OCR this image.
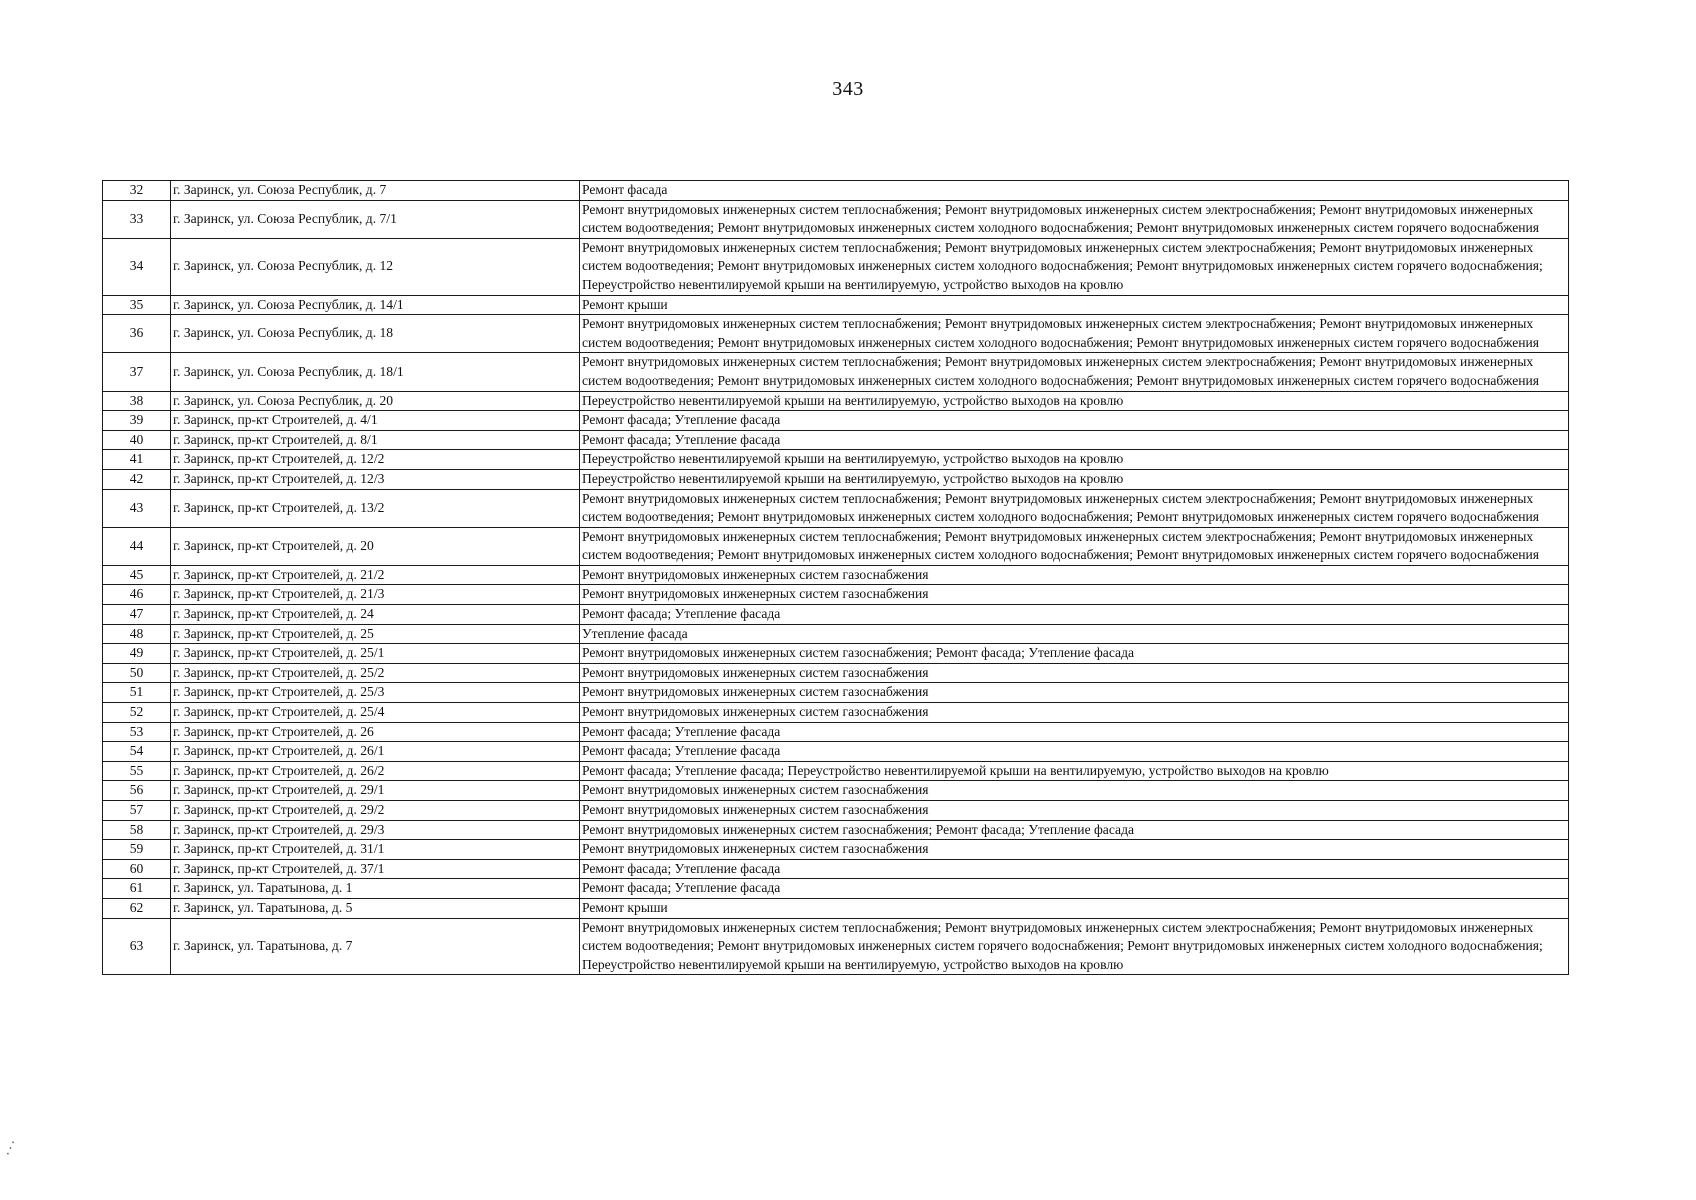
343
32	г. Заринск, ул. Союза Республик, д. 7	Ремонт фасада
33	г. Заринск, ул. Союза Республик, д. 7/1	Ремонт внутридомовых инженерных систем теплоснабжения; Ремонт внутридомовых инженерных систем электроснабжения; Ремонт внутридомовых инженерных систем водоотведения; Ремонт внутридомовых инженерных систем холодного водоснабжения; Ремонт внутридомовых инженерных систем горячего водоснабжения
34	г. Заринск, ул. Союза Республик, д. 12	Ремонт внутридомовых инженерных систем теплоснабжения; Ремонт внутридомовых инженерных систем электроснабжения; Ремонт внутридомовых инженерных систем водоотведения; Ремонт внутридомовых инженерных систем холодного водоснабжения; Ремонт внутридомовых инженерных систем горячего водоснабжения; Переустройство невентилируемой крыши на вентилируемую, устройство выходов на кровлю
35	г. Заринск, ул. Союза Республик, д. 14/1	Ремонт крыши
36	г. Заринск, ул. Союза Республик, д. 18	Ремонт внутридомовых инженерных систем теплоснабжения; Ремонт внутридомовых инженерных систем электроснабжения; Ремонт внутридомовых инженерных систем водоотведения; Ремонт внутридомовых инженерных систем холодного водоснабжения; Ремонт внутридомовых инженерных систем горячего водоснабжения
37	г. Заринск, ул. Союза Республик, д. 18/1	Ремонт внутридомовых инженерных систем теплоснабжения; Ремонт внутридомовых инженерных систем электроснабжения; Ремонт внутридомовых инженерных систем водоотведения; Ремонт внутридомовых инженерных систем холодного водоснабжения; Ремонт внутридомовых инженерных систем горячего водоснабжения
38	г. Заринск, ул. Союза Республик, д. 20	Переустройство невентилируемой крыши на вентилируемую, устройство выходов на кровлю
39	г. Заринск, пр-кт Строителей, д. 4/1	Ремонт фасада; Утепление фасада
40	г. Заринск, пр-кт Строителей, д. 8/1	Ремонт фасада; Утепление фасада
41	г. Заринск, пр-кт Строителей, д. 12/2	Переустройство невентилируемой крыши на вентилируемую, устройство выходов на кровлю
42	г. Заринск, пр-кт Строителей, д. 12/3	Переустройство невентилируемой крыши на вентилируемую, устройство выходов на кровлю
43	г. Заринск, пр-кт Строителей, д. 13/2	Ремонт внутридомовых инженерных систем теплоснабжения; Ремонт внутридомовых инженерных систем электроснабжения; Ремонт внутридомовых инженерных систем водоотведения; Ремонт внутридомовых инженерных систем холодного водоснабжения; Ремонт внутридомовых инженерных систем горячего водоснабжения
44	г. Заринск, пр-кт Строителей, д. 20	Ремонт внутридомовых инженерных систем теплоснабжения; Ремонт внутридомовых инженерных систем электроснабжения; Ремонт внутридомовых инженерных систем водоотведения; Ремонт внутридомовых инженерных систем холодного водоснабжения; Ремонт внутридомовых инженерных систем горячего водоснабжения
45	г. Заринск, пр-кт Строителей, д. 21/2	Ремонт внутридомовых инженерных систем газоснабжения
46	г. Заринск, пр-кт Строителей, д. 21/3	Ремонт внутридомовых инженерных систем газоснабжения
47	г. Заринск, пр-кт Строителей, д. 24	Ремонт фасада; Утепление фасада
48	г. Заринск, пр-кт Строителей, д. 25	Утепление фасада
49	г. Заринск, пр-кт Строителей, д. 25/1	Ремонт внутридомовых инженерных систем газоснабжения; Ремонт фасада; Утепление фасада
50	г. Заринск, пр-кт Строителей, д. 25/2	Ремонт внутридомовых инженерных систем газоснабжения
51	г. Заринск, пр-кт Строителей, д. 25/3	Ремонт внутридомовых инженерных систем газоснабжения
52	г. Заринск, пр-кт Строителей, д. 25/4	Ремонт внутридомовых инженерных систем газоснабжения
53	г. Заринск, пр-кт Строителей, д. 26	Ремонт фасада; Утепление фасада
54	г. Заринск, пр-кт Строителей, д. 26/1	Ремонт фасада; Утепление фасада
55	г. Заринск, пр-кт Строителей, д. 26/2	Ремонт фасада; Утепление фасада; Переустройство невентилируемой крыши на вентилируемую, устройство выходов на кровлю
56	г. Заринск, пр-кт Строителей, д. 29/1	Ремонт внутридомовых инженерных систем газоснабжения
57	г. Заринск, пр-кт Строителей, д. 29/2	Ремонт внутридомовых инженерных систем газоснабжения
58	г. Заринск, пр-кт Строителей, д. 29/3	Ремонт внутридомовых инженерных систем газоснабжения; Ремонт фасада; Утепление фасада
59	г. Заринск, пр-кт Строителей, д. 31/1	Ремонт внутридомовых инженерных систем газоснабжения
60	г. Заринск, пр-кт Строителей, д. 37/1	Ремонт фасада; Утепление фасада
61	г. Заринск, ул. Таратынова, д. 1	Ремонт фасада; Утепление фасада
62	г. Заринск, ул. Таратынова, д. 5	Ремонт крыши
63	г. Заринск, ул. Таратынова, д. 7	Ремонт внутридомовых инженерных систем теплоснабжения; Ремонт внутридомовых инженерных систем электроснабжения; Ремонт внутридомовых инженерных систем водоотведения; Ремонт внутридомовых инженерных систем горячего водоснабжения; Ремонт внутридомовых инженерных систем холодного водоснабжения; Переустройство невентилируемой крыши на вентилируемую, устройство выходов на кровлю
⋰
